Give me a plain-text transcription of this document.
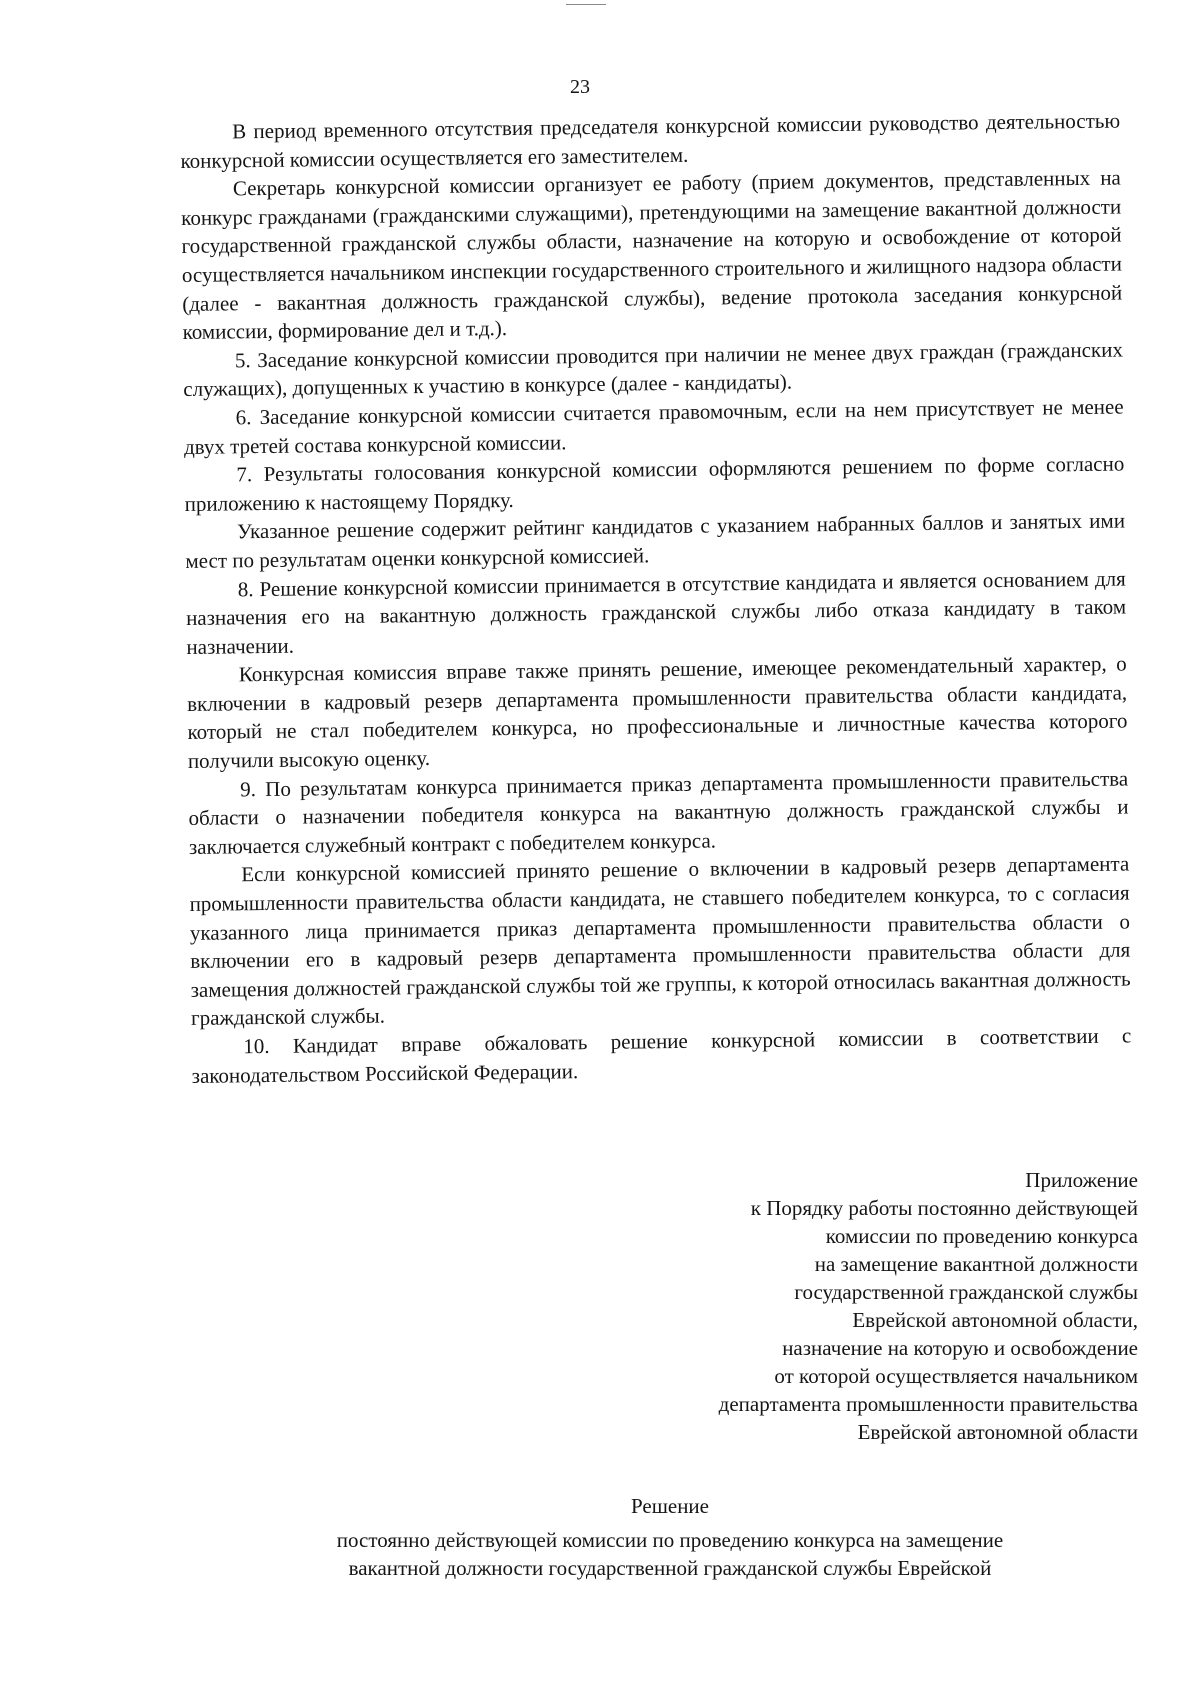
23

В период временного отсутствия председателя конкурсной комиссии руководство деятельностью конкурсной комиссии осуществляется его заместителем.

Секретарь конкурсной комиссии организует ее работу (прием документов, представленных на конкурс гражданами (гражданскими служащими), претендующими на замещение вакантной должности государственной гражданской службы области, назначение на которую и освобождение от которой осуществляется начальником инспекции государственного строительного и жилищного надзора области (далее - вакантная должность гражданской службы), ведение протокола заседания конкурсной комиссии, формирование дел и т.д.).

5. Заседание конкурсной комиссии проводится при наличии не менее двух граждан (гражданских служащих), допущенных к участию в конкурсе (далее - кандидаты).

6. Заседание конкурсной комиссии считается правомочным, если на нем присутствует не менее двух третей состава конкурсной комиссии.

7. Результаты голосования конкурсной комиссии оформляются решением по форме согласно приложению к настоящему Порядку.

Указанное решение содержит рейтинг кандидатов с указанием набранных баллов и занятых ими мест по результатам оценки конкурсной комиссией.

8. Решение конкурсной комиссии принимается в отсутствие кандидата и является основанием для назначения его на вакантную должность гражданской службы либо отказа кандидату в таком назначении.

Конкурсная комиссия вправе также принять решение, имеющее рекомендательный характер, о включении в кадровый резерв департамента промышленности правительства области кандидата, который не стал победителем конкурса, но профессиональные и личностные качества которого получили высокую оценку.

9. По результатам конкурса принимается приказ департамента промышленности правительства области о назначении победителя конкурса на вакантную должность гражданской службы и заключается служебный контракт с победителем конкурса.

Если конкурсной комиссией принято решение о включении в кадровый резерв департамента промышленности правительства области кандидата, не ставшего победителем конкурса, то с согласия указанного лица принимается приказ департамента промышленности правительства области о включении его в кадровый резерв департамента промышленности правительства области для замещения должностей гражданской службы той же группы, к которой относилась вакантная должность гражданской службы.

10. Кандидат вправе обжаловать решение конкурсной комиссии в соответствии с законодательством Российской Федерации.

Приложение
к Порядку работы постоянно действующей
комиссии по проведению конкурса
на замещение вакантной должности
государственной гражданской службы
Еврейской автономной области,
назначение на которую и освобождение
от которой осуществляется начальником
департамента промышленности правительства
Еврейской автономной области
Решение
постоянно действующей комиссии по проведению конкурса на замещение
вакантной должности государственной гражданской службы Еврейской
